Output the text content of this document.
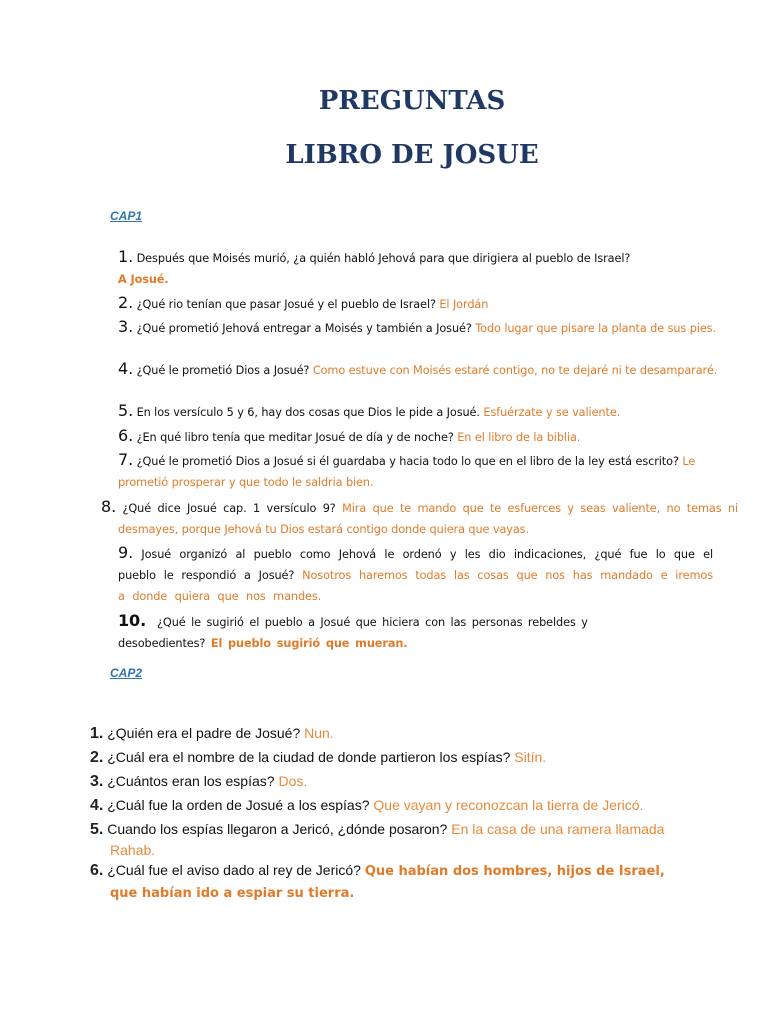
PREGUNTAS
LIBRO DE JOSUE
CAP1
1. Después que Moisés murió, ¿a quién habló Jehová para que dirigiera al pueblo de Israel?
A Josué.
2. ¿Qué rio tenían que pasar Josué y el pueblo de Israel? El Jordán
3. ¿Qué prometió Jehová entregar a Moisés y también a Josué? Todo lugar que pisare la planta de sus pies.
4. ¿Qué le prometió Dios a Josué? Como estuve con Moisés estaré contigo, no te dejaré ni te desampararé.
5. En los versículo 5 y 6, hay dos cosas que Dios le pide a Josué. Esfuérzate y se valiente.
6. ¿En qué libro tenía que meditar Josué de día y de noche? En el libro de la biblia.
7. ¿Qué le prometió Dios a Josué si él guardaba y hacia todo lo que en el libro de la ley está escrito? Le prometió prosperar y que todo le saldria bien.
8. ¿Qué dice Josué cap. 1 versículo 9? Mira que te mando que te esfuerces y seas valiente, no temas ni desmayes, porque Jehová tu Dios estará contigo donde quiera que vayas.
9. Josué organizó al pueblo como Jehová le ordenó y les dio indicaciones, ¿qué fue lo que el pueblo le respondió a Josué? Nosotros haremos todas las cosas que nos has mandado e iremos a donde quiera que nos mandes.
10. ¿Qué le sugirió el pueblo a Josué que hiciera con las personas rebeldes y desobedientes? El pueblo sugirió que mueran.
CAP2
1. ¿Quién era el padre de Josué? Nun.
2. ¿Cuál era el nombre de la ciudad de donde partieron los espías? Sitín.
3. ¿Cuántos eran los espías? Dos.
4. ¿Cuál fue la orden de Josué a los espías? Que vayan y reconozcan la tierra de Jericó.
5. Cuando los espías llegaron a Jericó, ¿dónde posaron? En la casa de una ramera llamada Rahab.
6. ¿Cuál fue el aviso dado al rey de Jericó? Que habían dos hombres, hijos de Israel, que habían ido a espiar su tierra.
